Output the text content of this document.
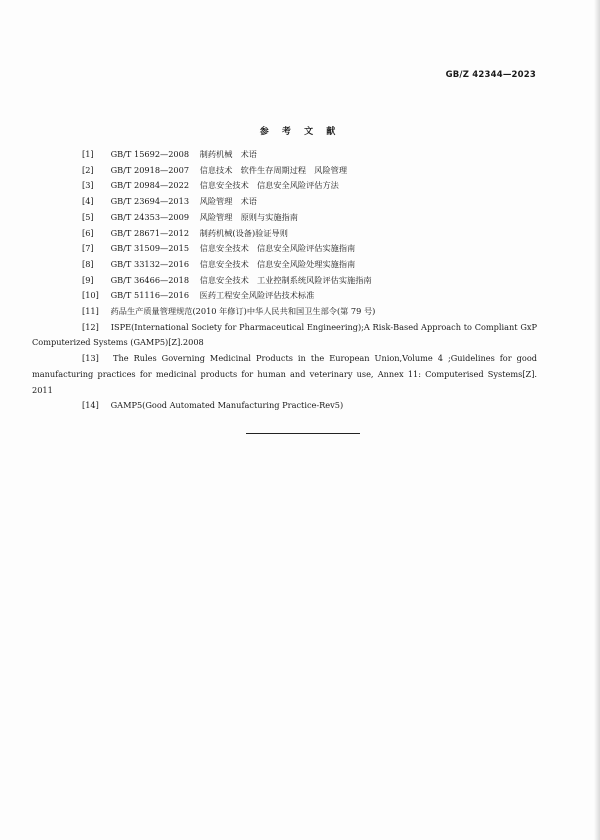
GB/Z 42344—2023
参 考 文 献
[1] GB/T 15692—2008 制药机械　术语
[2] GB/T 20918—2007 信息技术　软件生存周期过程　风险管理
[3] GB/T 20984—2022 信息安全技术　信息安全风险评估方法
[4] GB/T 23694—2013 风险管理　术语
[5] GB/T 24353—2009 风险管理　原则与实施指南
[6] GB/T 28671—2012 制药机械(设备)验证导则
[7] GB/T 31509—2015 信息安全技术　信息安全风险评估实施指南
[8] GB/T 33132—2016 信息安全技术　信息安全风险处理实施指南
[9] GB/T 36466—2018 信息安全技术　工业控制系统风险评估实施指南
[10] GB/T 51116—2016 医药工程安全风险评估技术标准
[11] 药品生产质量管理规范(2010 年修订)中华人民共和国卫生部令(第 79 号)
[12] ISPE(International Society for Pharmaceutical Engineering);A Risk-Based Approach to Compliant GxP Computerized Systems (GAMP5)[Z].2008
[13] The Rules Governing Medicinal Products in the European Union,Volume 4 ;Guidelines for good manufacturing practices for medicinal products for human and veterinary use, Annex 11: Computerised Systems[Z]. 2011
[14] GAMP5(Good Automated Manufacturing Practice-Rev5)
